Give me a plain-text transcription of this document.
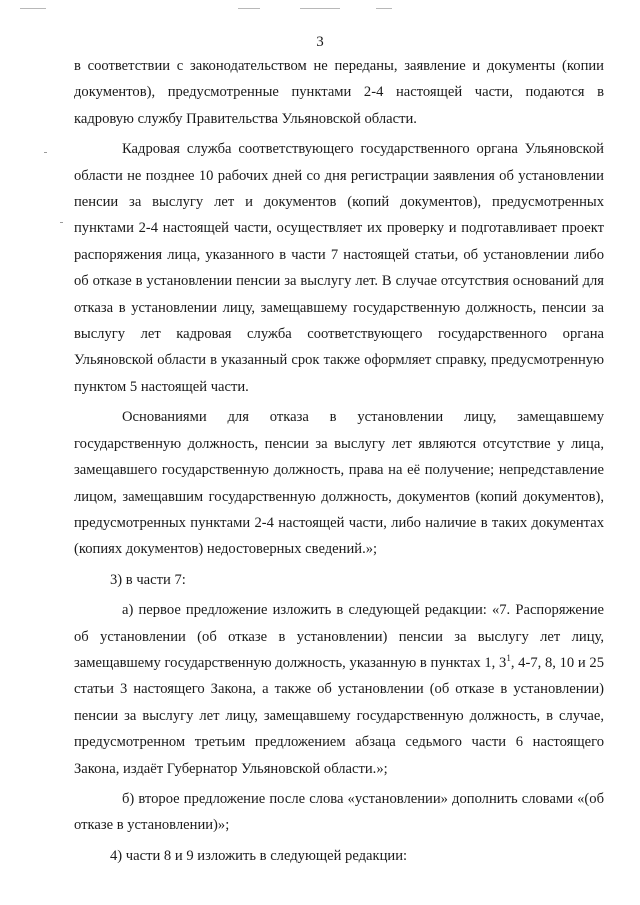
3

в соответствии с законодательством не переданы, заявление и документы (копии документов), предусмотренные пунктами 2-4 настоящей части, подаются в кадровую службу Правительства Ульяновской области.

Кадровая служба соответствующего государственного органа Ульяновской области не позднее 10 рабочих дней со дня регистрации заявления об установлении пенсии за выслугу лет и документов (копий документов), предусмотренных пунктами 2-4 настоящей части, осуществляет их проверку и подготавливает проект распоряжения лица, указанного в части 7 настоящей статьи, об установлении либо об отказе в установлении пенсии за выслугу лет. В случае отсутствия оснований для отказа в установлении лицу, замещавшему государственную должность, пенсии за выслугу лет кадровая служба соответствующего государственного органа Ульяновской области в указанный срок также оформляет справку, предусмотренную пунктом 5 настоящей части.

Основаниями для отказа в установлении лицу, замещавшему государственную должность, пенсии за выслугу лет являются отсутствие у лица, замещавшего государственную должность, права на её получение; непредставление лицом, замещавшим государственную должность, документов (копий документов), предусмотренных пунктами 2-4 настоящей части, либо наличие в таких документах (копиях документов) недостоверных сведений.»;

3) в части 7:

а) первое предложение изложить в следующей редакции: «7. Распоряжение об установлении (об отказе в установлении) пенсии за выслугу лет лицу, замещавшему государственную должность, указанную в пунктах 1, $3^1$, 4-7, 8, 10 и 25 статьи 3 настоящего Закона, а также об установлении (об отказе в установлении) пенсии за выслугу лет лицу, замещавшему государственную должность, в случае, предусмотренном третьим предложением абзаца седьмого части 6 настоящего Закона, издаёт Губернатор Ульяновской области.»;

б) второе предложение после слова «установлении» дополнить словами «(об отказе в установлении)»;

4) части 8 и 9 изложить в следующей редакции:
